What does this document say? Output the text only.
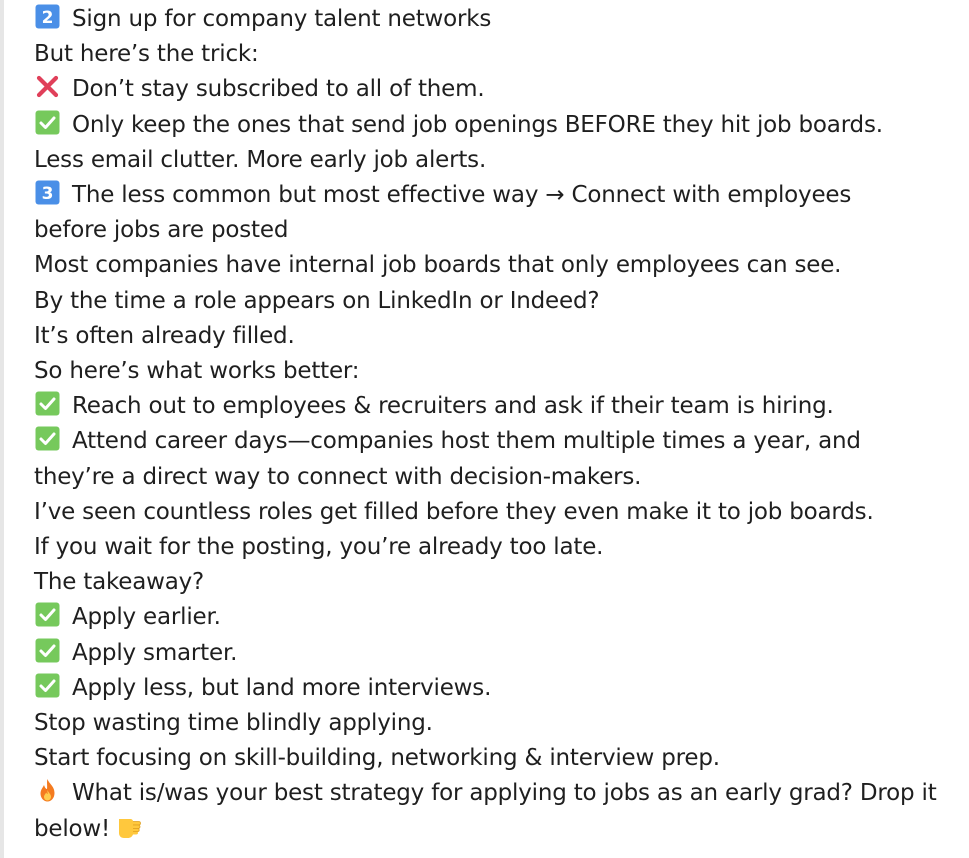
2 Sign up for company talent networks
But here’s the trick:
Don’t stay subscribed to all of them.
Only keep the ones that send job openings BEFORE they hit job boards.
Less email clutter. More early job alerts.
3 The less common but most effective way → Connect with employees before jobs are posted
Most companies have internal job boards that only employees can see.
By the time a role appears on LinkedIn or Indeed?
It’s often already filled.
So here’s what works better:
Reach out to employees & recruiters and ask if their team is hiring.
Attend career days—companies host them multiple times a year, and they’re a direct way to connect with decision-makers.
I’ve seen countless roles get filled before they even make it to job boards.
If you wait for the posting, you’re already too late.
The takeaway?
Apply earlier.
Apply smarter.
Apply less, but land more interviews.
Stop wasting time blindly applying.
Start focusing on skill-building, networking & interview prep.
What is/was your best strategy for applying to jobs as an early grad? Drop it below!
